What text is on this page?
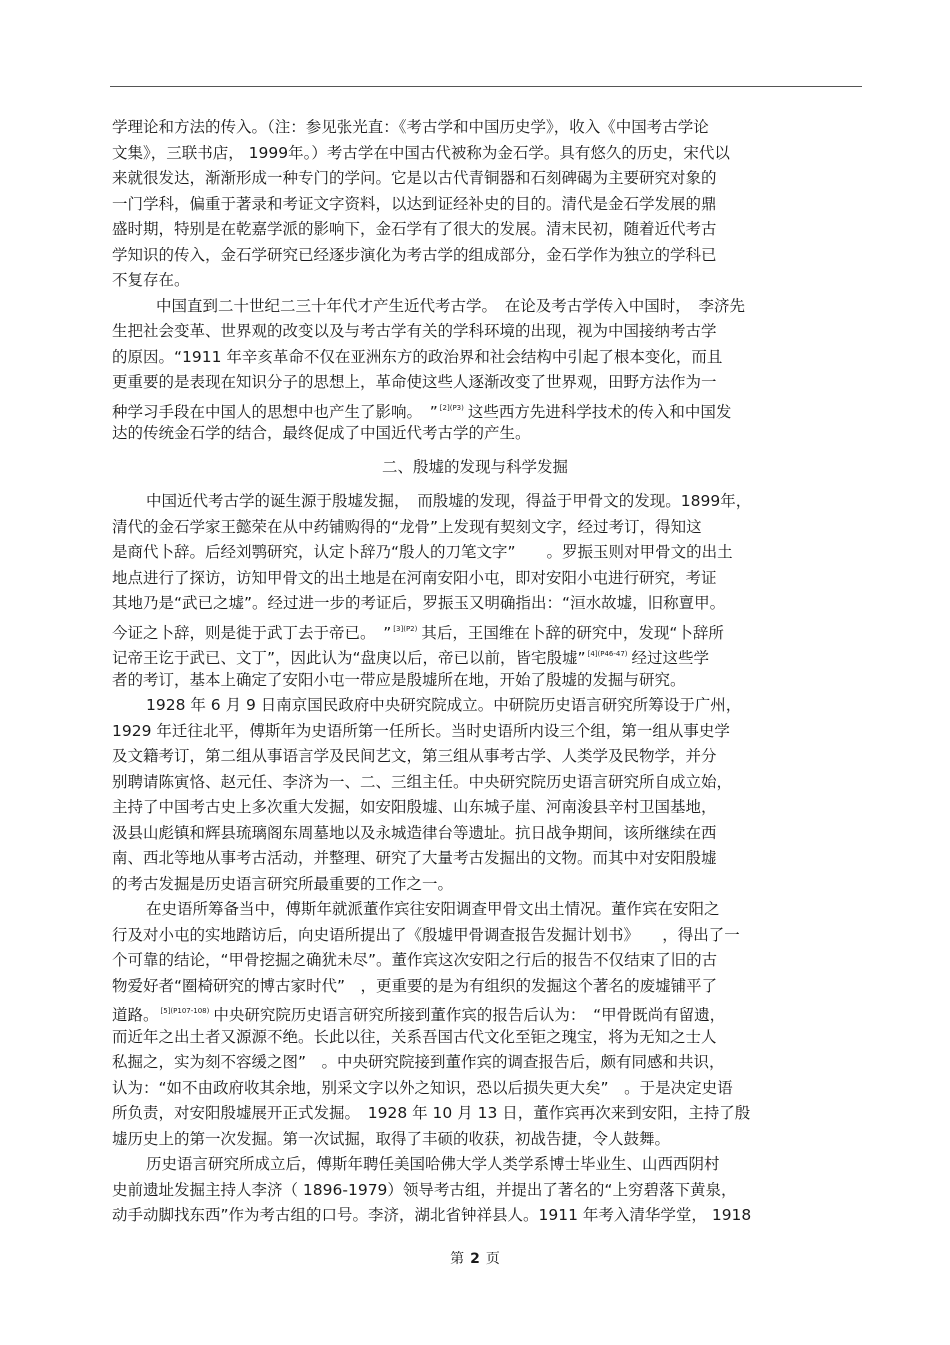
学理论和方法的传入。（注：参见张光直：《考古学和中国历史学》，收入《中国考古学论
文集》，三联书店， 1999年。）考古学在中国古代被称为金石学。具有悠久的历史，宋代以
来就很发达，渐渐形成一种专门的学问。它是以古代青铜器和石刻碑碣为主要研究对象的
一门学科，偏重于著录和考证文字资料，以达到证经补史的目的。清代是金石学发展的鼎
盛时期，特别是在乾嘉学派的影响下，金石学有了很大的发展。清末民初，随着近代考古
学知识的传入，金石学研究已经逐步演化为考古学的组成部分，金石学作为独立的学科已
不复存在。
中国直到二十世纪二三十年代才产生近代考古学。　在论及考古学传入中国时，　李济先
生把社会变革、世界观的改变以及与考古学有关的学科环境的出现，视为中国接纳考古学
的原因。“1911 年辛亥革命不仅在亚洲东方的政治界和社会结构中引起了根本变化，而且
更重要的是表现在知识分子的思想上，革命使这些人逐渐改变了世界观，田野方法作为一
种学习手段在中国人的思想中也产生了影响。　” $^{[2](P3)}$ 这些西方先进科学技术的传入和中国发
达的传统金石学的结合，最终促成了中国近代考古学的产生。
二、殷墟的发现与科学发掘
中国近代考古学的诞生源于殷墟发掘，　而殷墟的发现，得益于甲骨文的发现。1899年，
清代的金石学家王懿荣在从中药铺购得的“龙骨”上发现有契刻文字，经过考订，得知这
是商代卜辞。后经刘鹗研究，认定卜辞乃“殷人的刀笔文字”　　。罗振玉则对甲骨文的出土
地点进行了探访，访知甲骨文的出土地是在河南安阳小屯，即对安阳小屯进行研究，考证
其地乃是“武已之墟”。经过进一步的考证后，罗振玉又明确指出：“洹水故墟，旧称亶甲。
今证之卜辞，则是徙于武丁去于帝已。　” $^{[3](P2)}$ 其后，王国维在卜辞的研究中，发现“卜辞所
记帝王讫于武已、文丁”，因此认为“盘庚以后，帝已以前，皆宅殷墟” $^{[4](P46-47)}$ 经过这些学
者的考订，基本上确定了安阳小屯一带应是殷墟所在地，开始了殷墟的发掘与研究。
1928 年 6 月 9 日南京国民政府中央研究院成立。中研院历史语言研究所筹设于广州，
1929 年迁往北平，傅斯年为史语所第一任所长。当时史语所内设三个组，第一组从事史学
及文籍考订，第二组从事语言学及民间艺文，第三组从事考古学、人类学及民物学，并分
别聘请陈寅恪、赵元任、李济为一、二、三组主任。中央研究院历史语言研究所自成立始，
主持了中国考古史上多次重大发掘，如安阳殷墟、山东城子崖、河南浚县辛村卫国基地，
汲县山彪镇和辉县琉璃阁东周墓地以及永城造律台等遗址。抗日战争期间，该所继续在西
南、西北等地从事考古活动，并整理、研究了大量考古发掘出的文物。而其中对安阳殷墟
的考古发掘是历史语言研究所最重要的工作之一。
在史语所筹备当中，傅斯年就派董作宾往安阳调查甲骨文出土情况。董作宾在安阳之
行及对小屯的实地踏访后，向史语所提出了《殷墟甲骨调查报告发掘计划书》　　，得出了一
个可靠的结论，“甲骨挖掘之确犹未尽”。董作宾这次安阳之行后的报告不仅结束了旧的古
物爱好者“圈椅研究的博古家时代”　，更重要的是为有组织的发掘这个著名的废墟铺平了
道路。 $^{[5](P107-108)}$ 中央研究院历史语言研究所接到董作宾的报告后认为：　“甲骨既尚有留遗，
而近年之出土者又源源不绝。长此以往，关系吾国古代文化至钜之瑰宝，将为无知之士人
私掘之，实为刻不容缓之图”　。中央研究院接到董作宾的调查报告后，颇有同感和共识，
认为：“如不由政府收其余地，别采文字以外之知识，恐以后损失更大矣”　。于是决定史语
所负责，对安阳殷墟展开正式发掘。　1928 年 10 月 13 日，董作宾再次来到安阳，主持了殷
墟历史上的第一次发掘。第一次试掘，取得了丰硕的收获，初战告捷，令人鼓舞。
历史语言研究所成立后，傅斯年聘任美国哈佛大学人类学系博士毕业生、山西西阴村
史前遗址发掘主持人李济（ 1896-1979）领导考古组，并提出了著名的“上穷碧落下黄泉，
动手动脚找东西”作为考古组的口号。李济，湖北省钟祥县人。1911 年考入清华学堂， 1918
第 2 页
